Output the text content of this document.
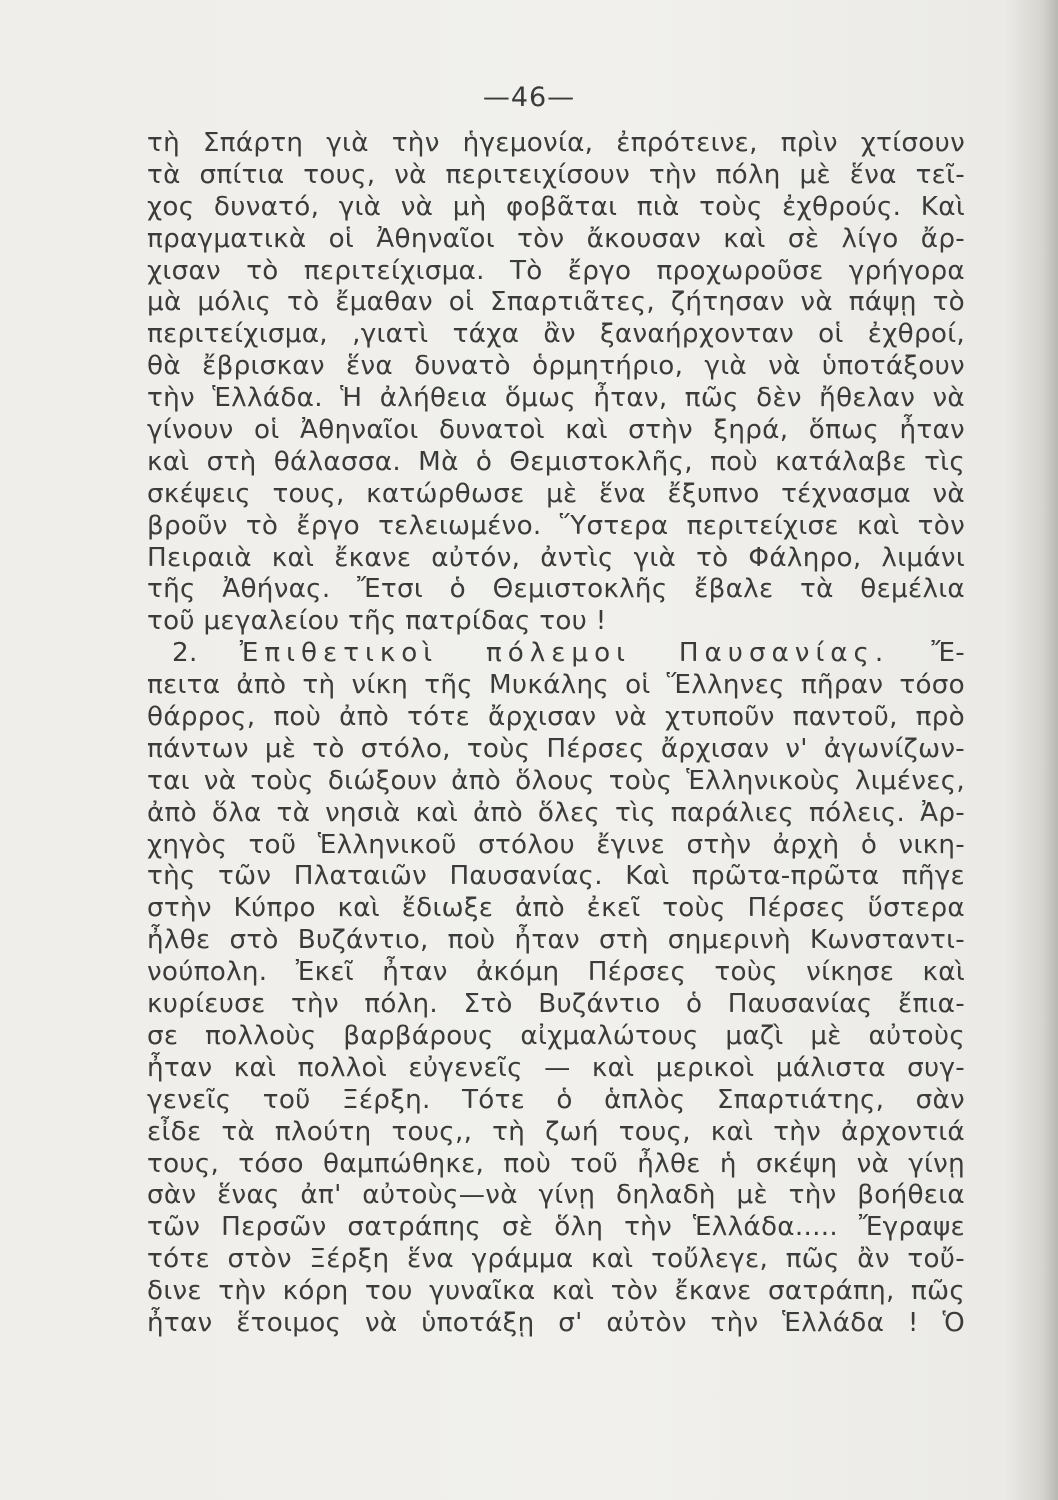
—46—
τὴ Σπάρτη γιὰ τὴν ἡγεμονία, ἐπρότεινε, πρὶν χτίσουν
τὰ σπίτια τους, νὰ περιτειχίσουν τὴν πόλη μὲ ἕνα τεῖ-
χος δυνατό, γιὰ νὰ μὴ φοβᾶται πιὰ τοὺς ἐχθρούς. Καὶ
πραγματικὰ οἱ Ἀθηναῖοι τὸν ἄκουσαν καὶ σὲ λίγο ἄρ-
χισαν τὸ περιτείχισμα. Τὸ ἔργο προχωροῦσε γρήγορα
μὰ μόλις τὸ ἔμαθαν οἱ Σπαρτιᾶτες, ζήτησαν νὰ πάψῃ τὸ
περιτείχισμα, ,γιατὶ τάχα ἂν ξαναήρχονταν οἱ ἐχθροί,
θὰ ἔβρισκαν ἕνα δυνατὸ ὁρμητήριο, γιὰ νὰ ὑποτάξουν
τὴν Ἑλλάδα. Ἡ ἀλήθεια ὅμως ἦταν, πῶς δὲν ἤθελαν νὰ
γίνουν οἱ Ἀθηναῖοι δυνατοὶ καὶ στὴν ξηρά, ὅπως ἦταν
καὶ στὴ θάλασσα. Μὰ ὁ Θεμιστοκλῆς, ποὺ κατάλαβε τὶς
σκέψεις τους, κατώρθωσε μὲ ἕνα ἔξυπνο τέχνασμα νὰ
βροῦν τὸ ἔργο τελειωμένο. Ὕστερα περιτείχισε καὶ τὸν
Πειραιὰ καὶ ἔκανε αὐτόν, ἀντὶς γιὰ τὸ Φάληρο, λιμάνι
τῆς Ἀθήνας. Ἔτσι ὁ Θεμιστοκλῆς ἔβαλε τὰ θεμέλια
τοῦ μεγαλείου τῆς πατρίδας του !
2. Ἐπιθετικοὶ πόλεμοι Παυσανίας. Ἔ-
πειτα ἀπὸ τὴ νίκη τῆς Μυκάλης οἱ Ἕλληνες πῆραν τόσο
θάρρος, ποὺ ἀπὸ τότε ἄρχισαν νὰ χτυποῦν παντοῦ, πρὸ
πάντων μὲ τὸ στόλο, τοὺς Πέρσες ἄρχισαν ν' ἀγωνίζων-
ται νὰ τοὺς διώξουν ἀπὸ ὅλους τοὺς Ἑλληνικοὺς λιμένες,
ἀπὸ ὅλα τὰ νησιὰ καὶ ἀπὸ ὅλες τὶς παράλιες πόλεις. Ἀρ-
χηγὸς τοῦ Ἑλληνικοῦ στόλου ἔγινε στὴν ἀρχὴ ὁ νικη-
τὴς τῶν Πλαταιῶν Παυσανίας. Καὶ πρῶτα-πρῶτα πῆγε
στὴν Κύπρο καὶ ἔδιωξε ἀπὸ ἐκεῖ τοὺς Πέρσες ὕστερα
ἦλθε στὸ Βυζάντιο, ποὺ ἦταν στὴ σημερινὴ Κωνσταντι-
νούπολη. Ἐκεῖ ἦταν ἀκόμη Πέρσες τοὺς νίκησε καὶ
κυρίευσε τὴν πόλη. Στὸ Βυζάντιο ὁ Παυσανίας ἔπια-
σε πολλοὺς βαρβάρους αἰχμαλώτους μαζὶ μὲ αὐτοὺς
ἦταν καὶ πολλοὶ εὐγενεῖς — καὶ μερικοὶ μάλιστα συγ-
γενεῖς τοῦ Ξέρξη. Τότε ὁ ἁπλὸς Σπαρτιάτης, σὰν
εἶδε τὰ πλούτη τους,, τὴ ζωή τους, καὶ τὴν ἀρχοντιά
τους, τόσο θαμπώθηκε, ποὺ τοῦ ἦλθε ἡ σκέψη νὰ γίνῃ
σὰν ἕνας ἀπ' αὐτοὺς—νὰ γίνῃ δηλαδὴ μὲ τὴν βοήθεια
τῶν Περσῶν σατράπης σὲ ὅλη τὴν Ἑλλάδα..... Ἔγραψε
τότε στὸν Ξέρξη ἕνα γράμμα καὶ τοὔλεγε, πῶς ἂν τοὔ-
δινε τὴν κόρη του γυναῖκα καὶ τὸν ἔκανε σατράπη, πῶς
ἦταν ἕτοιμος νὰ ὑποτάξῃ σ' αὐτὸν τὴν Ἑλλάδα ! Ὁ
